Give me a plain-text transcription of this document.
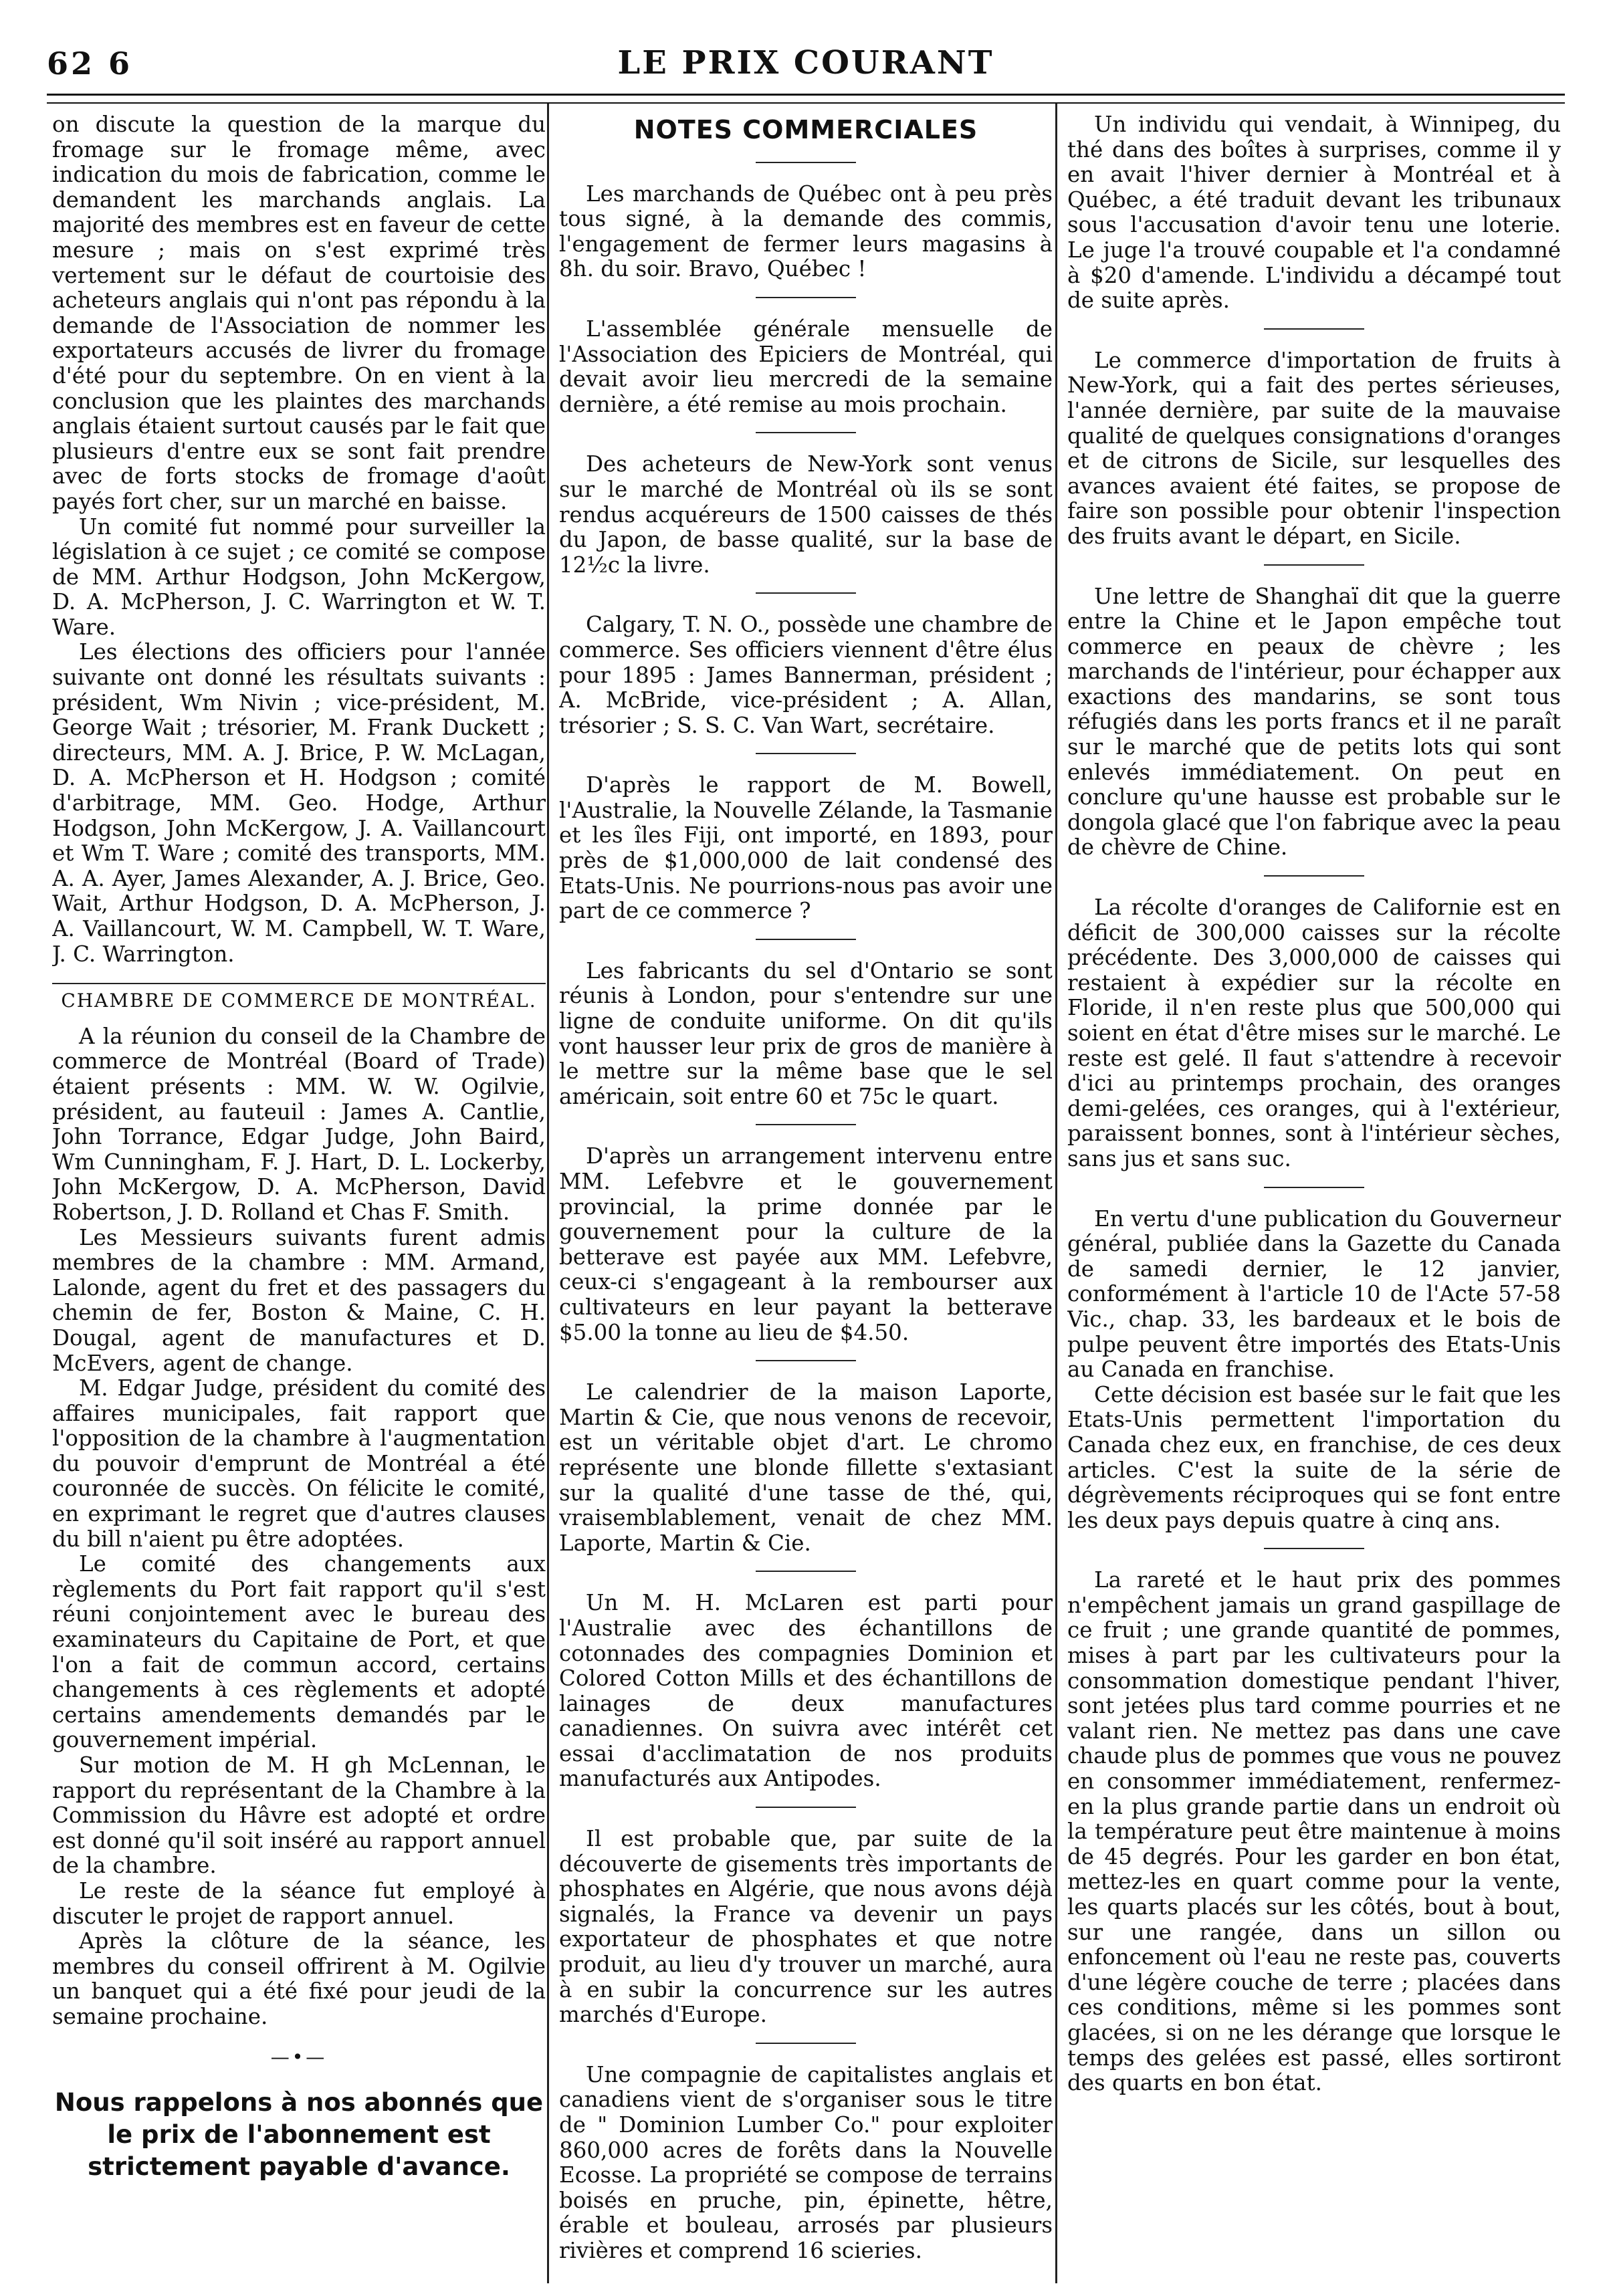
62 6	LE PRIX COURANT

on discute la question de la marque du fromage sur le fromage même, avec indication du mois de fabrication, comme le demandent les marchands anglais. La majorité des membres est en faveur de cette mesure ; mais on s'est exprimé très vertement sur le défaut de courtoisie des acheteurs anglais qui n'ont pas répondu à la demande de l'Association de nommer les exportateurs accusés de livrer du fromage d'été pour du septembre. On en vient à la conclusion que les plaintes des marchands anglais étaient surtout causés par le fait que plusieurs d'entre eux se sont fait prendre avec de forts stocks de fromage d'août payés fort cher, sur un marché en baisse.

Un comité fut nommé pour surveiller la législation à ce sujet ; ce comité se compose de MM. Arthur Hodgson, John McKergow, D. A. McPherson, J. C. Warrington et W. T. Ware.

Les élections des officiers pour l'année suivante ont donné les résultats suivants : président, Wm Nivin ; vice-président, M. George Wait ; trésorier, M. Frank Duckett ; directeurs, MM. A. J. Brice, P. W. McLagan, D. A. McPherson et H. Hodgson ; comité d'arbitrage, MM. Geo. Hodge, Arthur Hodgson, John McKergow, J. A. Vaillancourt et Wm T. Ware ; comité des transports, MM. A. A. Ayer, James Alexander, A. J. Brice, Geo. Wait, Arthur Hodgson, D. A. McPherson, J. A. Vaillancourt, W. M. Campbell, W. T. Ware, J. C. Warrington.

CHAMBRE DE COMMERCE DE MONTRÉAL.

A la réunion du conseil de la Chambre de commerce de Montréal (Board of Trade) étaient présents : MM. W. W. Ogilvie, président, au fauteuil : James A. Cantlie, John Torrance, Edgar Judge, John Baird, Wm Cunningham, F. J. Hart, D. L. Lockerby, John McKergow, D. A. McPherson, David Robertson, J. D. Rolland et Chas F. Smith.

Les Messieurs suivants furent admis membres de la chambre : MM. Armand, Lalonde, agent du fret et des passagers du chemin de fer, Boston & Maine, C. H. Dougal, agent de manufactures et D. McEvers, agent de change.

M. Edgar Judge, président du comité des affaires municipales, fait rapport que l'opposition de la chambre à l'augmentation du pouvoir d'emprunt de Montréal a été couronnée de succès. On félicite le comité, en exprimant le regret que d'autres clauses du bill n'aient pu être adoptées.

Le comité des changements aux règlements du Port fait rapport qu'il s'est réuni conjointement avec le bureau des examinateurs du Capitaine de Port, et que l'on a fait de commun accord, certains changements à ces règlements et adopté certains amendements demandés par le gouvernement impérial.

Sur motion de M. H gh McLennan, le rapport du représentant de la Chambre à la Commission du Hâvre est adopté et ordre est donné qu'il soit inséré au rapport annuel de la chambre.

Le reste de la séance fut employé à discuter le projet de rapport annuel.

Après la clôture de la séance, les membres du conseil offrirent à M. Ogilvie un banquet qui a été fixé pour jeudi de la semaine prochaine.

—•—

Nous rappelons à nos abonnés que le prix de l'abonnement est strictement payable d'avance.

NOTES COMMERCIALES

Les marchands de Québec ont à peu près tous signé, à la demande des commis, l'engagement de fermer leurs magasins à 8h. du soir. Bravo, Québec !

L'assemblée générale mensuelle de l'Association des Epiciers de Montréal, qui devait avoir lieu mercredi de la semaine dernière, a été remise au mois prochain.

Des acheteurs de New-York sont venus sur le marché de Montréal où ils se sont rendus acquéreurs de 1500 caisses de thés du Japon, de basse qualité, sur la base de 12½c la livre.

Calgary, T. N. O., possède une chambre de commerce. Ses officiers viennent d'être élus pour 1895 : James Bannerman, président ; A. McBride, vice-président ; A. Allan, trésorier ; S. S. C. Van Wart, secrétaire.

D'après le rapport de M. Bowell, l'Australie, la Nouvelle Zélande, la Tasmanie et les îles Fiji, ont importé, en 1893, pour près de $1,000,000 de lait condensé des Etats-Unis. Ne pourrions-nous pas avoir une part de ce commerce ?

Les fabricants du sel d'Ontario se sont réunis à London, pour s'entendre sur une ligne de conduite uniforme. On dit qu'ils vont hausser leur prix de gros de manière à le mettre sur la même base que le sel américain, soit entre 60 et 75c le quart.

D'après un arrangement intervenu entre MM. Lefebvre et le gouvernement provincial, la prime donnée par le gouvernement pour la culture de la betterave est payée aux MM. Lefebvre, ceux-ci s'engageant à la rembourser aux cultivateurs en leur payant la betterave $5.00 la tonne au lieu de $4.50.

Le calendrier de la maison Laporte, Martin & Cie, que nous venons de recevoir, est un véritable objet d'art. Le chromo représente une blonde fillette s'extasiant sur la qualité d'une tasse de thé, qui, vraisemblablement, venait de chez MM. Laporte, Martin & Cie.

Un M. H. McLaren est parti pour l'Australie avec des échantillons de cotonnades des compagnies Dominion et Colored Cotton Mills et des échantillons de lainages de deux manufactures canadiennes. On suivra avec intérêt cet essai d'acclimatation de nos produits manufacturés aux Antipodes.

Il est probable que, par suite de la découverte de gisements très importants de phosphates en Algérie, que nous avons déjà signalés, la France va devenir un pays exportateur de phosphates et que notre produit, au lieu d'y trouver un marché, aura à en subir la concurrence sur les autres marchés d'Europe.

Une compagnie de capitalistes anglais et canadiens vient de s'organiser sous le titre de " Dominion Lumber Co." pour exploiter 860,000 acres de forêts dans la Nouvelle Ecosse. La propriété se compose de terrains boisés en pruche, pin, épinette, hêtre, érable et bouleau, arrosés par plusieurs rivières et comprend 16 scieries.

Un individu qui vendait, à Winnipeg, du thé dans des boîtes à surprises, comme il y en avait l'hiver dernier à Montréal et à Québec, a été traduit devant les tribunaux sous l'accusation d'avoir tenu une loterie. Le juge l'a trouvé coupable et l'a condamné à $20 d'amende. L'individu a décampé tout de suite après.

Le commerce d'importation de fruits à New-York, qui a fait des pertes sérieuses, l'année dernière, par suite de la mauvaise qualité de quelques consignations d'oranges et de citrons de Sicile, sur lesquelles des avances avaient été faites, se propose de faire son possible pour obtenir l'inspection des fruits avant le départ, en Sicile.

Une lettre de Shanghaï dit que la guerre entre la Chine et le Japon empêche tout commerce en peaux de chèvre ; les marchands de l'intérieur, pour échapper aux exactions des mandarins, se sont tous réfugiés dans les ports francs et il ne paraît sur le marché que de petits lots qui sont enlevés immédiatement. On peut en conclure qu'une hausse est probable sur le dongola glacé que l'on fabrique avec la peau de chèvre de Chine.

La récolte d'oranges de Californie est en déficit de 300,000 caisses sur la récolte précédente. Des 3,000,000 de caisses qui restaient à expédier sur la récolte en Floride, il n'en reste plus que 500,000 qui soient en état d'être mises sur le marché. Le reste est gelé. Il faut s'attendre à recevoir d'ici au printemps prochain, des oranges demi-gelées, ces oranges, qui à l'extérieur, paraissent bonnes, sont à l'intérieur sèches, sans jus et sans suc.

En vertu d'une publication du Gouverneur général, publiée dans la Gazette du Canada de samedi dernier, le 12 janvier, conformément à l'article 10 de l'Acte 57-58 Vic., chap. 33, les bardeaux et le bois de pulpe peuvent être importés des Etats-Unis au Canada en franchise.

Cette décision est basée sur le fait que les Etats-Unis permettent l'importation du Canada chez eux, en franchise, de ces deux articles. C'est la suite de la série de dégrèvements réciproques qui se font entre les deux pays depuis quatre à cinq ans.

La rareté et le haut prix des pommes n'empêchent jamais un grand gaspillage de ce fruit ; une grande quantité de pommes, mises à part par les cultivateurs pour la consommation domestique pendant l'hiver, sont jetées plus tard comme pourries et ne valant rien. Ne mettez pas dans une cave chaude plus de pommes que vous ne pouvez en consommer immédiatement, renfermez-en la plus grande partie dans un endroit où la température peut être maintenue à moins de 45 degrés. Pour les garder en bon état, mettez-les en quart comme pour la vente, les quarts placés sur les côtés, bout à bout, sur une rangée, dans un sillon ou enfoncement où l'eau ne reste pas, couverts d'une légère couche de terre ; placées dans ces conditions, même si les pommes sont glacées, si on ne les dérange que lorsque le temps des gelées est passé, elles sortiront des quarts en bon état.
